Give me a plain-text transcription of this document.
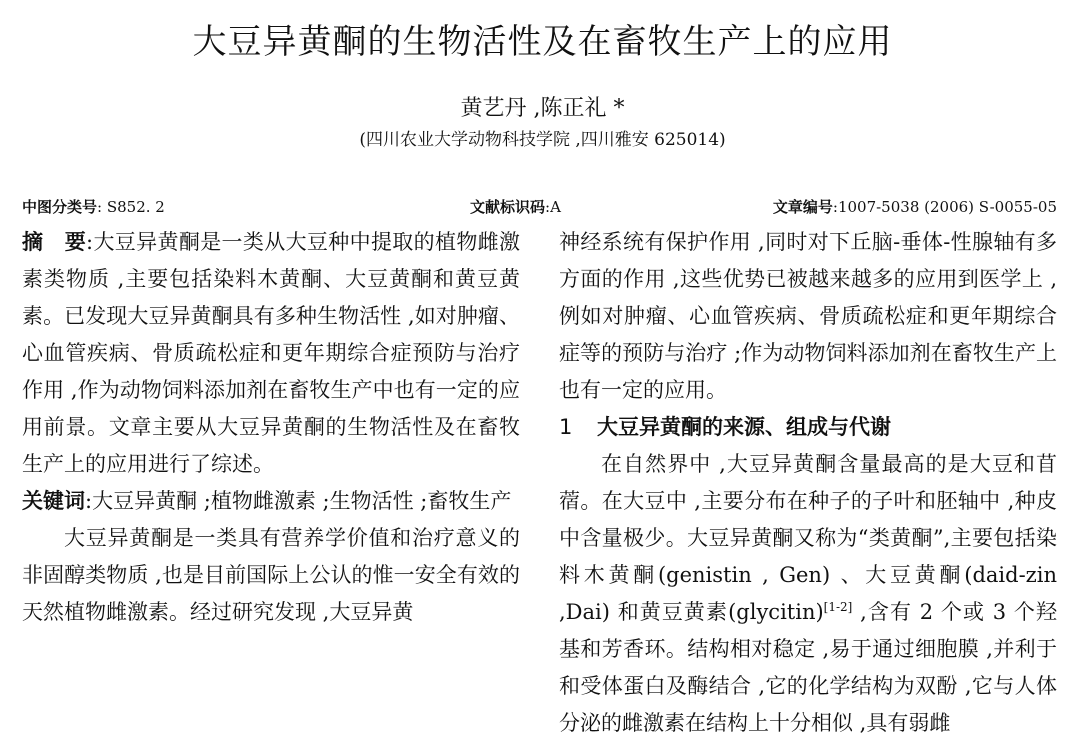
大豆异黄酮的生物活性及在畜牧生产上的应用
黄艺丹 ,陈正礼 *
(四川农业大学动物科技学院 ,四川雅安 625014)
中图分类号: S852. 2	文献标识码:A	文章编号:1007-5038 (2006) S-0055-05

摘　要:大豆异黄酮是一类从大豆种中提取的植物雌激素类物质 ,主要包括染料木黄酮、大豆黄酮和黄豆黄素。已发现大豆异黄酮具有多种生物活性 ,如对肿瘤、心血管疾病、骨质疏松症和更年期综合症预防与治疗作用 ,作为动物饲料添加剂在畜牧生产中也有一定的应用前景。文章主要从大豆异黄酮的生物活性及在畜牧生产上的应用进行了综述。

关键词:大豆异黄酮 ;植物雌激素 ;生物活性 ;畜牧生产

大豆异黄酮是一类具有营养学价值和治疗意义的非固醇类物质 ,也是目前国际上公认的惟一安全有效的天然植物雌激素。经过研究发现 ,大豆异黄

神经系统有保护作用 ,同时对下丘脑-垂体-性腺轴有多方面的作用 ,这些优势已被越来越多的应用到医学上 ,例如对肿瘤、心血管疾病、骨质疏松症和更年期综合症等的预防与治疗 ;作为动物饲料添加剂在畜牧生产上也有一定的应用。

1 大豆异黄酮的来源、组成与代谢

在自然界中 ,大豆异黄酮含量最高的是大豆和苜蓿。在大豆中 ,主要分布在种子的子叶和胚轴中 ,种皮中含量极少。大豆异黄酮又称为“类黄酮”,主要包括染料木黄酮(genistin , Gen) 、大豆黄酮(daid-zin ,Dai) 和黄豆黄素(glycitin)[1-2] ,含有 2 个或 3 个羟基和芳香环。结构相对稳定 ,易于通过细胞膜 ,并利于和受体蛋白及酶结合 ,它的化学结构为双酚 ,它与人体分泌的雌激素在结构上十分相似 ,具有弱雌
